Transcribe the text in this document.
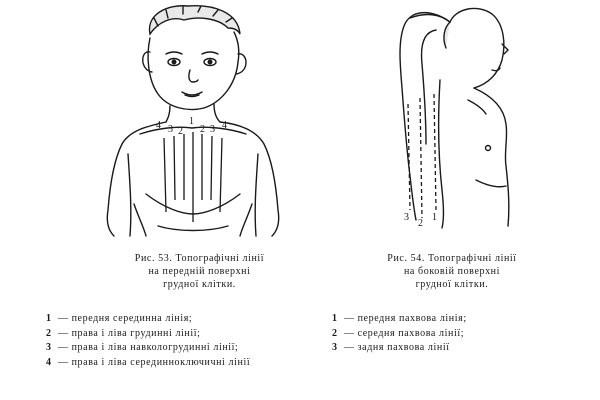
4 3 2
1
2 3 4
3
2
1
Рис. 53. Топографічні лінії
на передній поверхні
грудної клітки.
Рис. 54. Топографічні лінії
на боковій поверхні
грудної клітки.
1 — передня серединна лінія;
2 — права і ліва грудинні лінії;
3 — права і ліва навкологрудинні лінії;
4 — права і ліва серединноключичні лінії
1 — передня пахвова лінія;
2 — середня пахвова лінії;
3 — задня пахвова лінії
